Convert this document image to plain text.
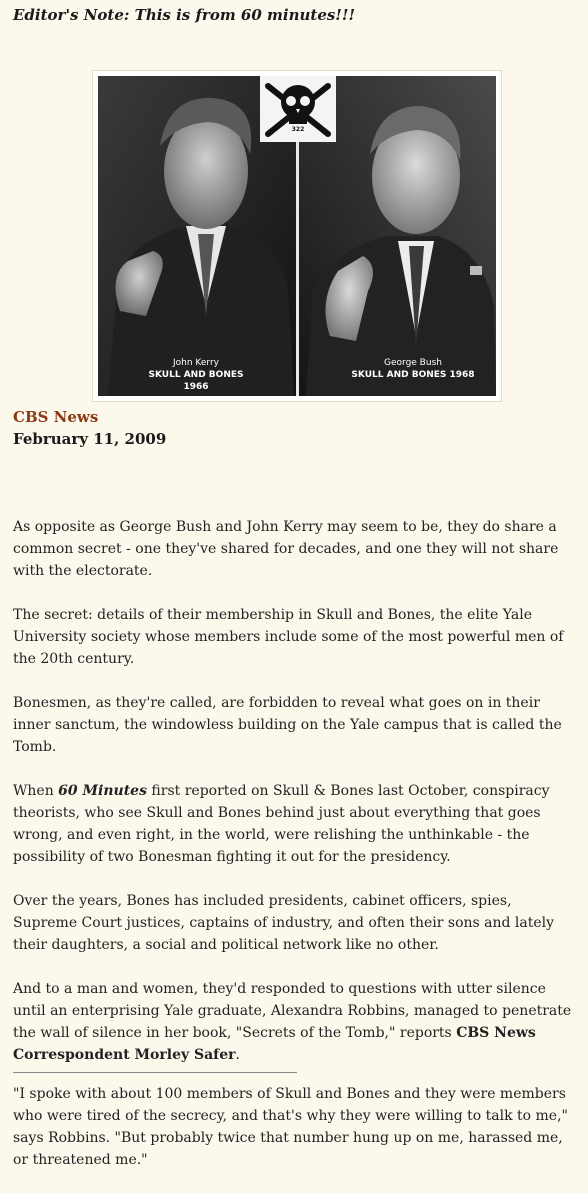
Editor's Note: This is from 60 minutes!!!
322
John Kerry
SKULL AND BONES 1966
George Bush
SKULL AND BONES 1968
CBS News
February 11, 2009

As opposite as George Bush and John Kerry may seem to be, they do share a common secret - one they've shared for decades, and one they will not share with the electorate.

The secret: details of their membership in Skull and Bones, the elite Yale University society whose members include some of the most powerful men of the 20th century.

Bonesmen, as they're called, are forbidden to reveal what goes on in their inner sanctum, the windowless building on the Yale campus that is called the Tomb.

When 60 Minutes first reported on Skull & Bones last October, conspiracy theorists, who see Skull and Bones behind just about everything that goes wrong, and even right, in the world, were relishing the unthinkable - the possibility of two Bonesman fighting it out for the presidency.

Over the years, Bones has included presidents, cabinet officers, spies, Supreme Court justices, captains of industry, and often their sons and lately their daughters, a social and political network like no other.

And to a man and women, they'd responded to questions with utter silence until an enterprising Yale graduate, Alexandra Robbins, managed to penetrate the wall of silence in her book, "Secrets of the Tomb," reports CBS News Correspondent Morley Safer.

"I spoke with about 100 members of Skull and Bones and they were members who were tired of the secrecy, and that's why they were willing to talk to me," says Robbins. "But probably twice that number hung up on me, harassed me, or threatened me."
